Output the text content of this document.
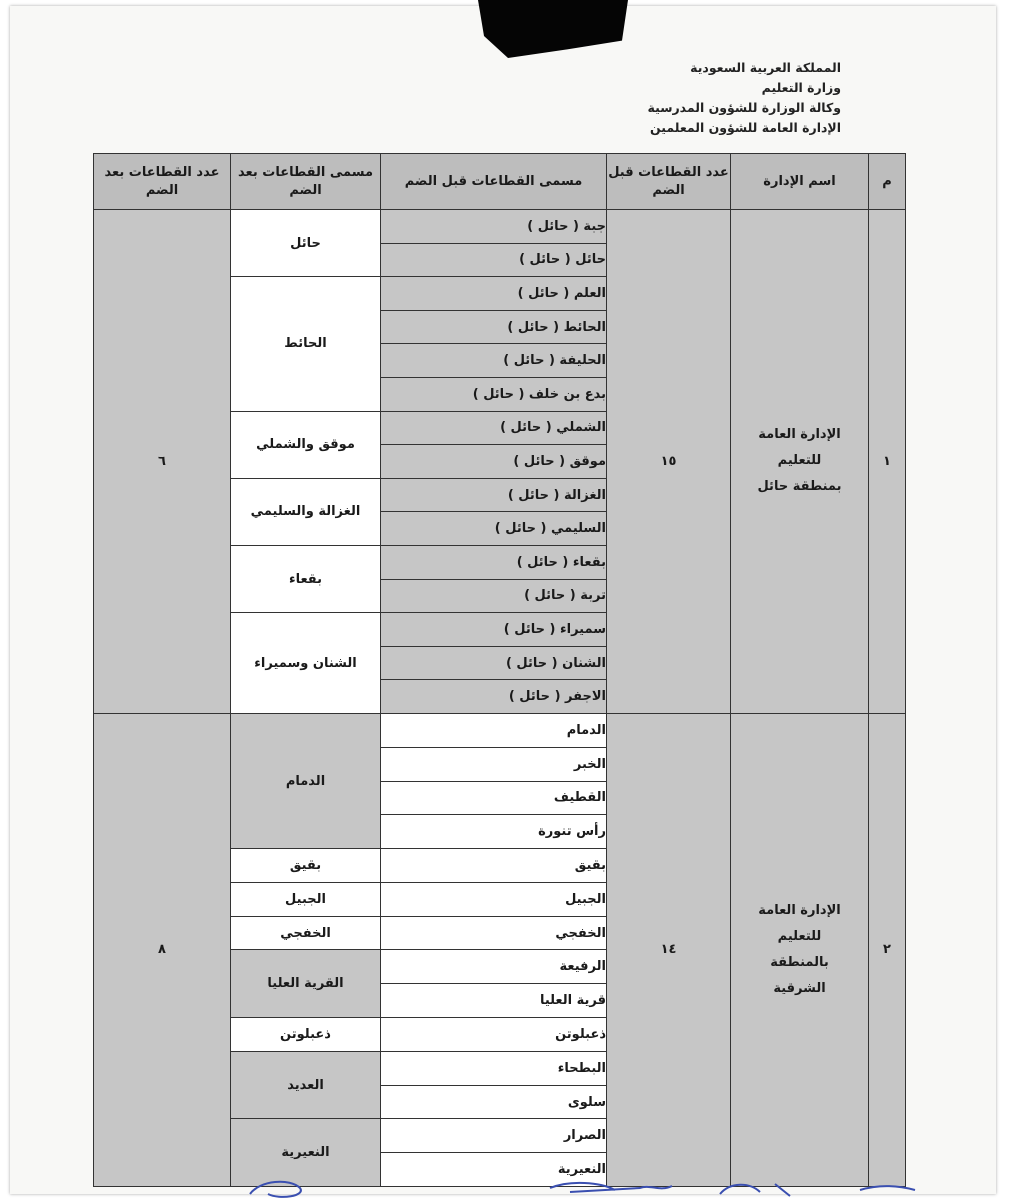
المملكة العربية السعودية
وزارة التعليم
وكالة الوزارة للشؤون المدرسية
الإدارة العامة للشؤون المعلمين
م	اسم الإدارة	عدد القطاعات قبل الضم	مسمى القطاعات قبل الضم	مسمى القطاعات بعد الضم	عدد القطاعات بعد الضم
١	الإدارة العامة للتعليم بمنطقة حائل	١٥	جبة ( حائل )	حائل	٦
			حائل ( حائل )		
			العلم ( حائل )	الحائط	
			الحائط ( حائل )		
			الحليفة ( حائل )		
			بدع بن خلف ( حائل )		
			الشملي ( حائل )	موقق والشملي	
			موقق ( حائل )		
			الغزالة ( حائل )	الغزالة والسليمي	
			السليمي ( حائل )		
			بقعاء ( حائل )	بقعاء	
			تربة ( حائل )		
			سميراء ( حائل )	الشنان وسميراء	
			الشنان ( حائل )		
			الاجفر ( حائل )		
٢	الإدارة العامة للتعليم بالمنطقة الشرقية	١٤	الدمام	الدمام	٨
			الخبر		
			القطيف		
			رأس تنورة		
			بقيق	بقيق	
			الجبيل	الجبيل	
			الخفجي	الخفجي	
			الرفيعة	القرية العليا	
			قرية العليا		
			ذعبلوتن	ذعبلوتن	
			البطحاء	العديد	
			سلوى		
			الصرار	النعيرية	
			النعيرية		
